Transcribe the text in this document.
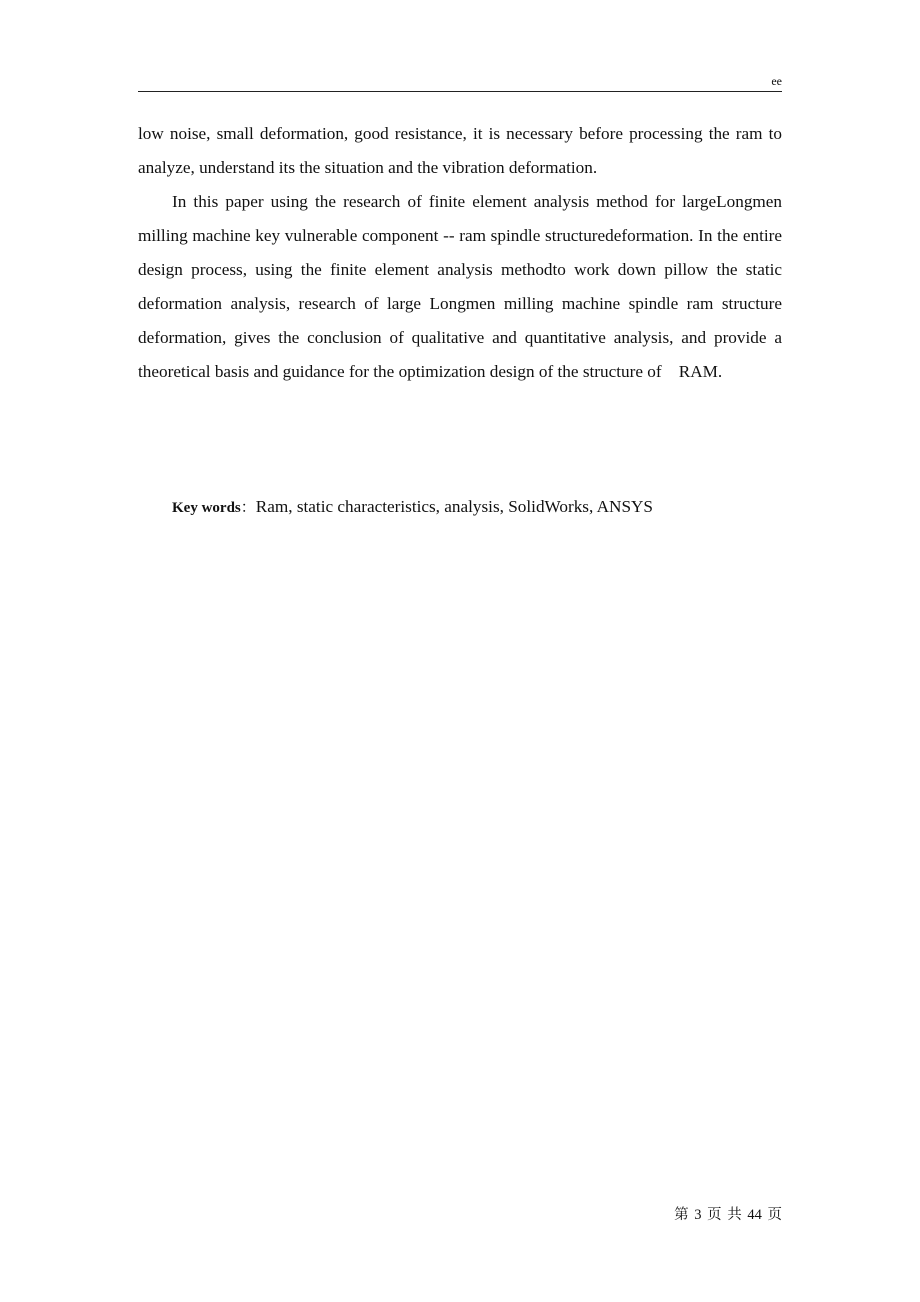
ee

low noise, small deformation, good resistance, it is necessary before processing the ram to analyze, understand its the situation and the vibration deformation.

In this paper using the research of finite element analysis method for largeLongmen milling machine key vulnerable component -- ram spindle structuredeformation. In the entire design process, using the finite element analysis methodto work down pillow the static deformation analysis, research of large Longmen milling machine spindle ram structure deformation, gives the conclusion of qualitative and quantitative analysis, and provide a theoretical basis and guidance for the optimization design of the structure of    RAM.

Key words：Ram, static characteristics, analysis, SolidWorks, ANSYS
第 3 页 共 44 页
